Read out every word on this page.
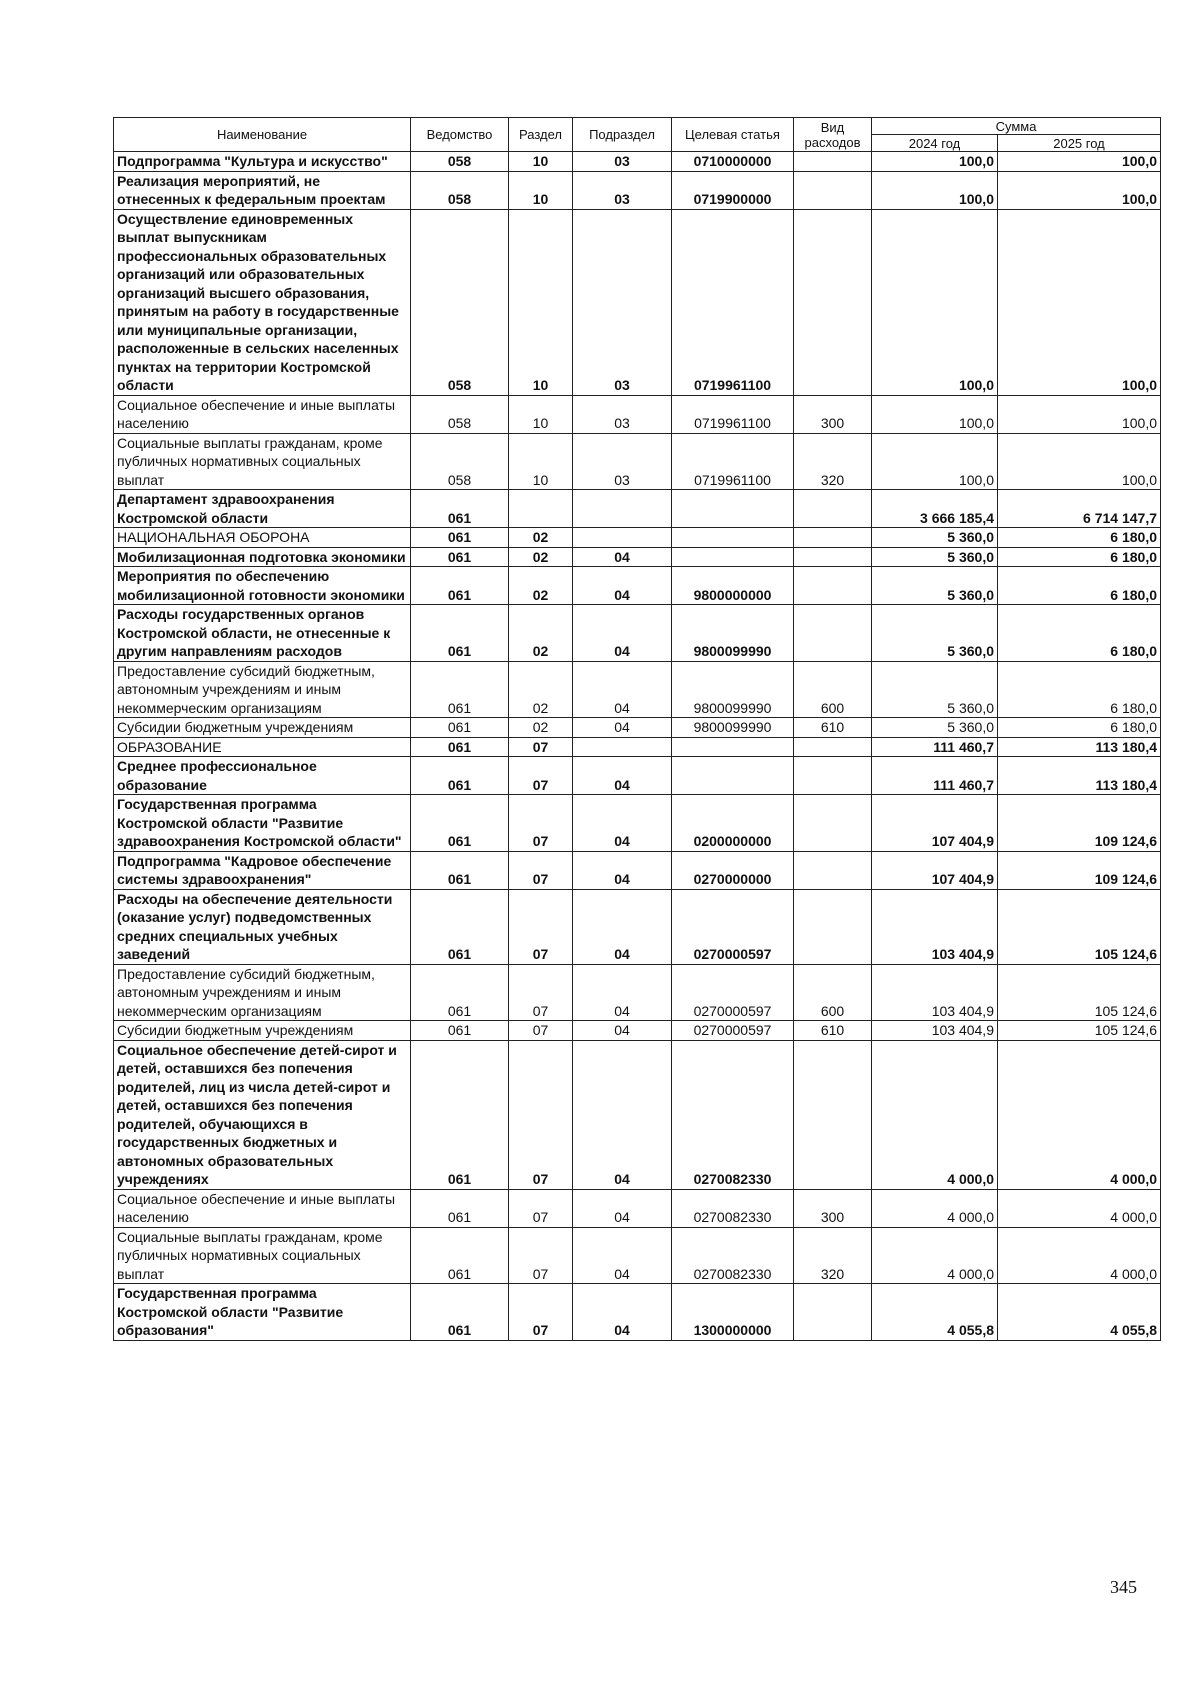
Наименование	Ведомство	Раздел	Подраздел	Целевая статья	Вид расходов	Сумма	
						2024 год	2025 год
Подпрограмма "Культура и искусство"	058	10	03	0710000000		100,0	100,0
Реализация мероприятий, не отнесенных к федеральным проектам	058	10	03	0719900000		100,0	100,0
Осуществление единовременных выплат выпускникам профессиональных образовательных организаций или образовательных организаций высшего образования, принятым на работу в государственные или муниципальные организации, расположенные в сельских населенных пунктах на территории Костромской области	058	10	03	0719961100		100,0	100,0
Социальное обеспечение и иные выплаты населению	058	10	03	0719961100	300	100,0	100,0
Социальные выплаты гражданам, кроме публичных нормативных социальных выплат	058	10	03	0719961100	320	100,0	100,0
Департамент здравоохранения Костромской области	061					3 666 185,4	6 714 147,7
НАЦИОНАЛЬНАЯ ОБОРОНА	061	02				5 360,0	6 180,0
Мобилизационная подготовка экономики	061	02	04			5 360,0	6 180,0
Мероприятия по обеспечению мобилизационной готовности экономики	061	02	04	9800000000		5 360,0	6 180,0
Расходы государственных органов Костромской области, не отнесенные к другим направлениям расходов	061	02	04	9800099990		5 360,0	6 180,0
Предоставление субсидий бюджетным, автономным учреждениям и иным некоммерческим организациям	061	02	04	9800099990	600	5 360,0	6 180,0
Субсидии бюджетным учреждениям	061	02	04	9800099990	610	5 360,0	6 180,0
ОБРАЗОВАНИЕ	061	07				111 460,7	113 180,4
Среднее профессиональное образование	061	07	04			111 460,7	113 180,4
Государственная программа Костромской области "Развитие здравоохранения Костромской области"	061	07	04	0200000000		107 404,9	109 124,6
Подпрограмма "Кадровое обеспечение системы здравоохранения"	061	07	04	0270000000		107 404,9	109 124,6
Расходы на обеспечение деятельности (оказание услуг) подведомственных средних специальных учебных заведений	061	07	04	0270000597		103 404,9	105 124,6
Предоставление субсидий бюджетным, автономным учреждениям и иным некоммерческим организациям	061	07	04	0270000597	600	103 404,9	105 124,6
Субсидии бюджетным учреждениям	061	07	04	0270000597	610	103 404,9	105 124,6
Социальное обеспечение детей-сирот и детей, оставшихся без попечения родителей, лиц из числа детей-сирот и детей, оставшихся без попечения родителей, обучающихся в государственных бюджетных и автономных образовательных учреждениях	061	07	04	0270082330		4 000,0	4 000,0
Социальное обеспечение и иные выплаты населению	061	07	04	0270082330	300	4 000,0	4 000,0
Социальные выплаты гражданам, кроме публичных нормативных социальных выплат	061	07	04	0270082330	320	4 000,0	4 000,0
Государственная программа Костромской области "Развитие образования"	061	07	04	1300000000		4 055,8	4 055,8
345
